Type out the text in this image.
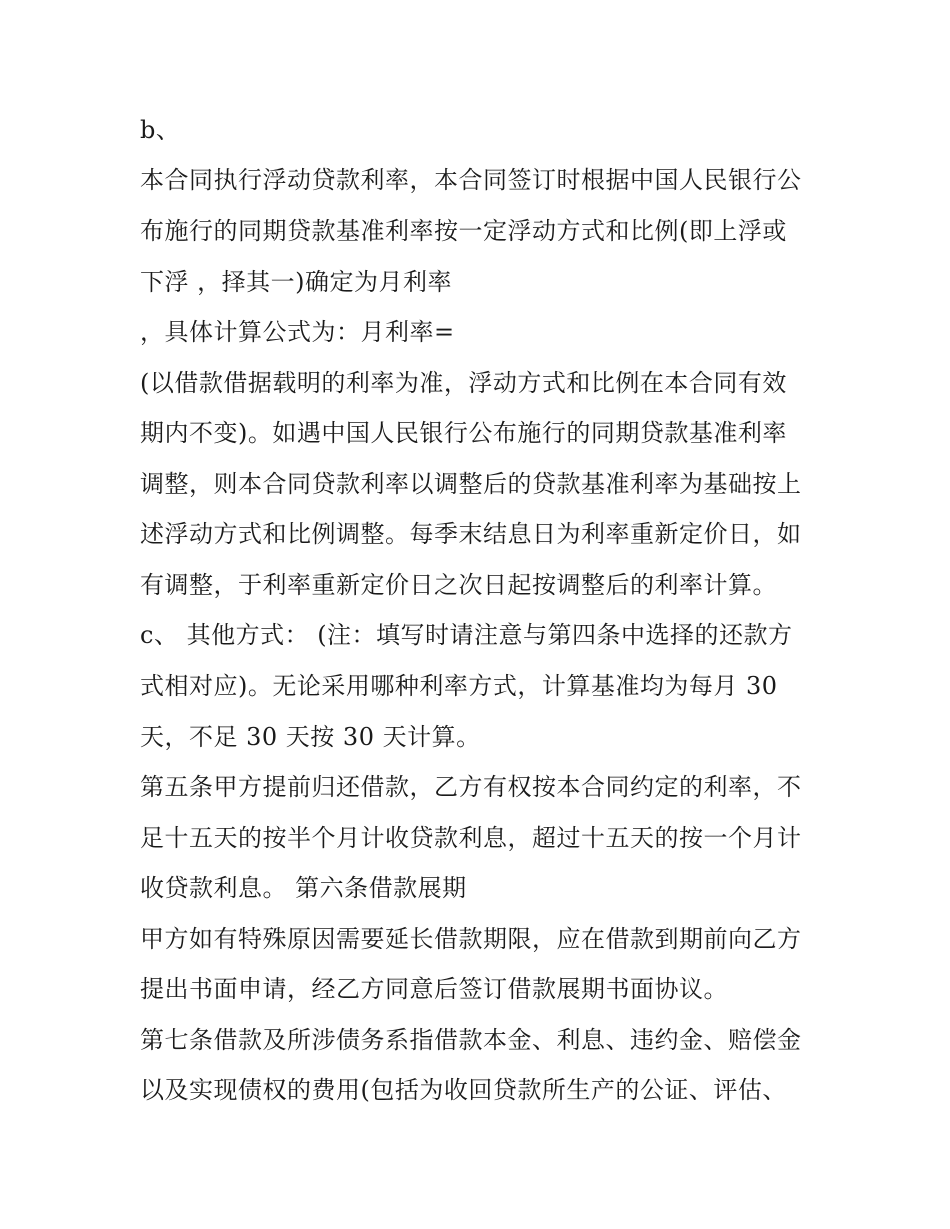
b、
本合同执行浮动贷款利率，本合同签订时根据中国人民银行公
布施行的同期贷款基准利率按一定浮动方式和比例(即上浮或
下浮 ，择其一)确定为月利率
，具体计算公式为：月利率=
(以借款借据载明的利率为准，浮动方式和比例在本合同有效
期内不变)。如遇中国人民银行公布施行的同期贷款基准利率
调整，则本合同贷款利率以调整后的贷款基准利率为基础按上
述浮动方式和比例调整。每季末结息日为利率重新定价日，如
有调整，于利率重新定价日之次日起按调整后的利率计算。
c、 其他方式： (注：填写时请注意与第四条中选择的还款方
式相对应)。无论采用哪种利率方式，计算基准均为每月 30
天，不足 30 天按 30 天计算。
第五条甲方提前归还借款，乙方有权按本合同约定的利率，不
足十五天的按半个月计收贷款利息，超过十五天的按一个月计
收贷款利息。 第六条借款展期
甲方如有特殊原因需要延长借款期限，应在借款到期前向乙方
提出书面申请，经乙方同意后签订借款展期书面协议。
第七条借款及所涉债务系指借款本金、利息、违约金、赔偿金
以及实现债权的费用(包括为收回贷款所生产的公证、评估、
